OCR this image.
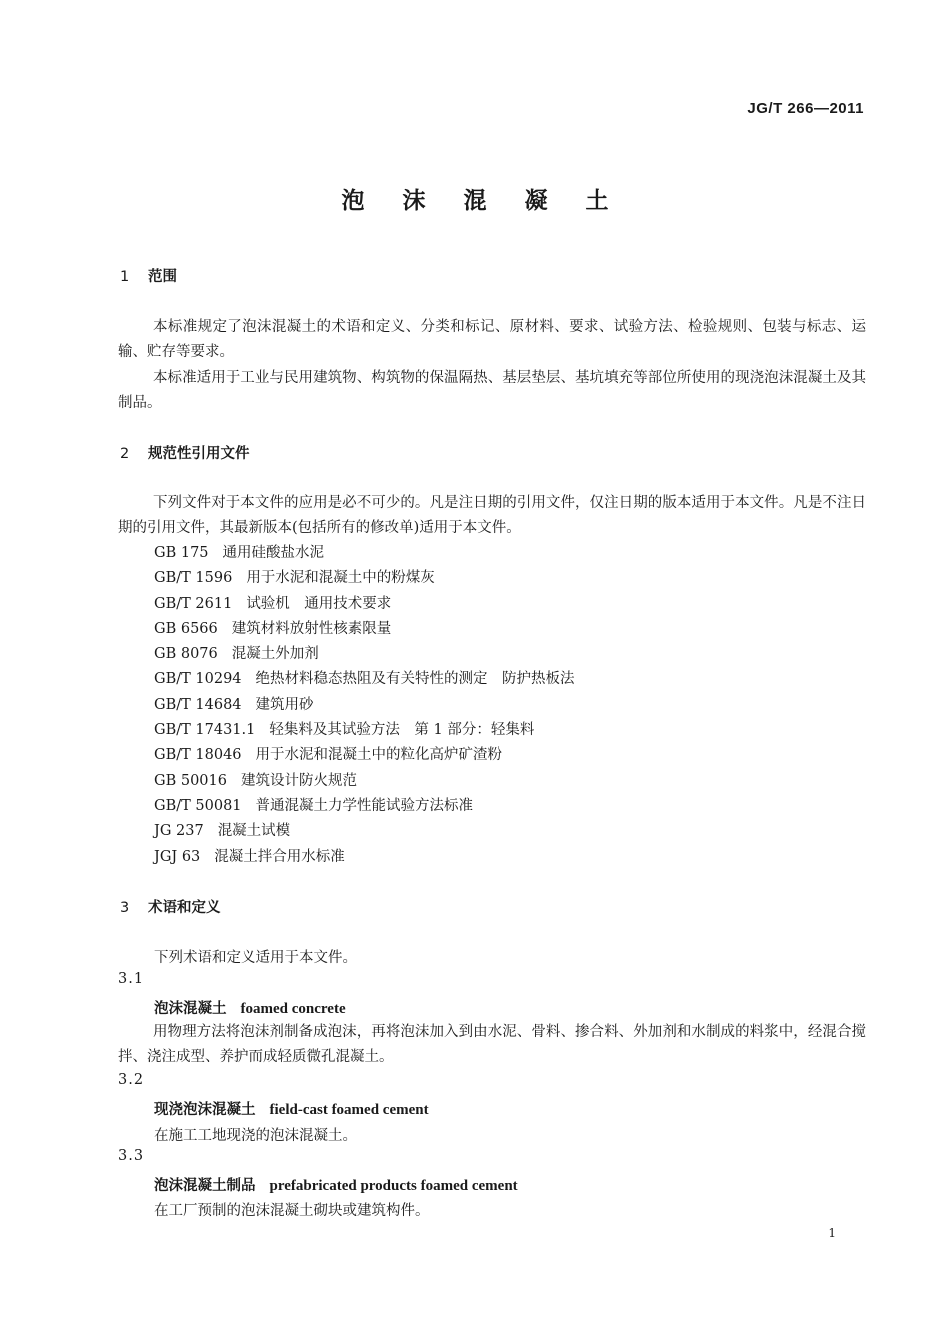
JG/T 266—2011
泡 沫 混 凝 土
1 范围
本标准规定了泡沫混凝土的术语和定义、分类和标记、原材料、要求、试验方法、检验规则、包装与标志、运输、贮存等要求。
本标准适用于工业与民用建筑物、构筑物的保温隔热、基层垫层、基坑填充等部位所使用的现浇泡沫混凝土及其制品。
2 规范性引用文件
下列文件对于本文件的应用是必不可少的。凡是注日期的引用文件，仅注日期的版本适用于本文件。凡是不注日期的引用文件，其最新版本(包括所有的修改单)适用于本文件。
GB 175 通用硅酸盐水泥
GB/T 1596 用于水泥和混凝土中的粉煤灰
GB/T 2611 试验机　通用技术要求
GB 6566 建筑材料放射性核素限量
GB 8076 混凝土外加剂
GB/T 10294 绝热材料稳态热阻及有关特性的测定　防护热板法
GB/T 14684 建筑用砂
GB/T 17431.1 轻集料及其试验方法　第 1 部分：轻集料
GB/T 18046 用于水泥和混凝土中的粒化高炉矿渣粉
GB 50016 建筑设计防火规范
GB/T 50081 普通混凝土力学性能试验方法标准
JG 237 混凝土试模
JGJ 63 混凝土拌合用水标准
3 术语和定义
下列术语和定义适用于本文件。
3.1
泡沫混凝土 foamed concrete
用物理方法将泡沫剂制备成泡沫，再将泡沫加入到由水泥、骨料、掺合料、外加剂和水制成的料浆中，经混合搅拌、浇注成型、养护而成轻质微孔混凝土。
3.2
现浇泡沫混凝土 field-cast foamed cement
在施工工地现浇的泡沫混凝土。
3.3
泡沫混凝土制品 prefabricated products foamed cement
在工厂预制的泡沫混凝土砌块或建筑构件。
1
